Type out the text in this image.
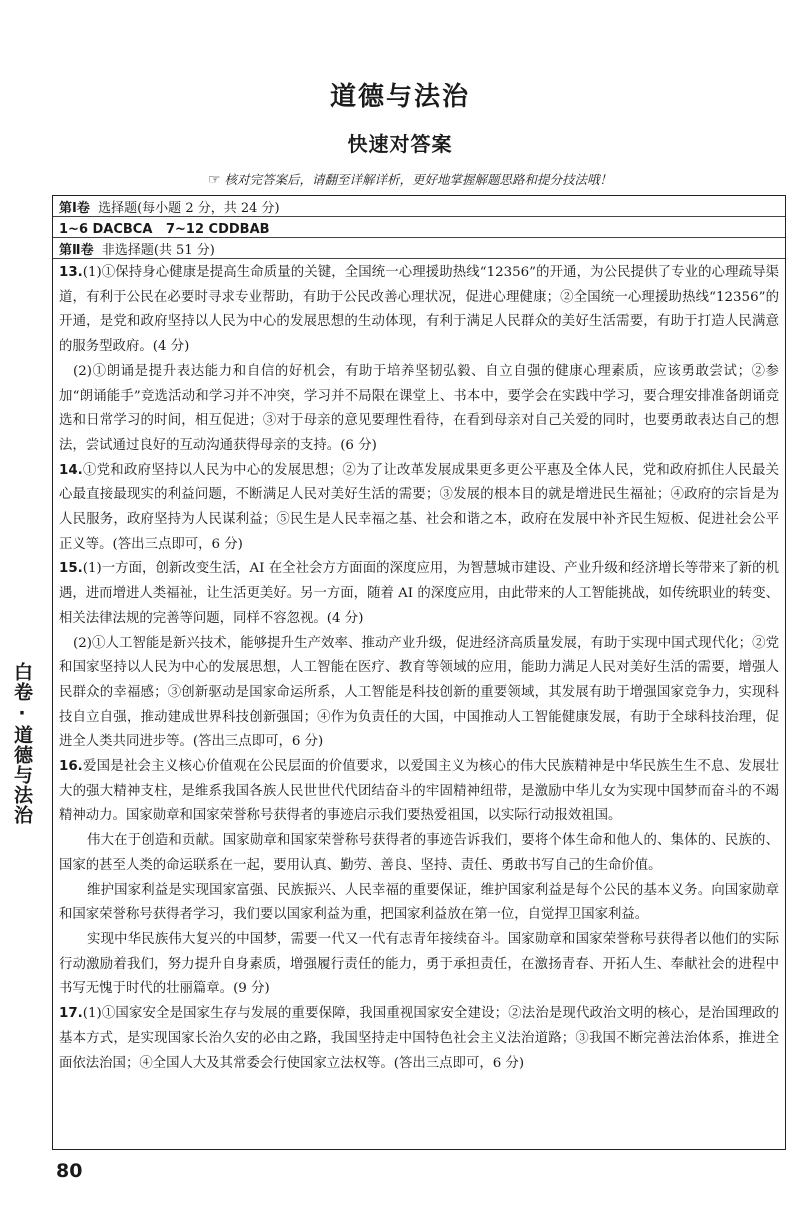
道德与法治
快速对答案
☞ 核对完答案后，请翻至详解详析，更好地掌握解题思路和提分技法哦！
第Ⅰ卷 选择题(每小题 2 分，共 24 分)
1~6 DACBCA   7~12 CDDBAB
第Ⅱ卷 非选择题(共 51 分)

13.(1)①保持身心健康是提高生命质量的关键，全国统一心理援助热线“12356”的开通，为公民提供了专业的心理疏导渠道，有利于公民在必要时寻求专业帮助，有助于公民改善心理状况，促进心理健康；②全国统一心理援助热线“12356”的开通，是党和政府坚持以人民为中心的发展思想的生动体现，有利于满足人民群众的美好生活需要，有助于打造人民满意的服务型政府。(4 分)

(2)①朗诵是提升表达能力和自信的好机会，有助于培养坚韧弘毅、自立自强的健康心理素质，应该勇敢尝试；②参加“朗诵能手”竞选活动和学习并不冲突，学习并不局限在课堂上、书本中，要学会在实践中学习，要合理安排准备朗诵竞选和日常学习的时间，相互促进；③对于母亲的意见要理性看待，在看到母亲对自己关爱的同时，也要勇敢表达自己的想法，尝试通过良好的互动沟通获得母亲的支持。(6 分)

14.①党和政府坚持以人民为中心的发展思想；②为了让改革发展成果更多更公平惠及全体人民，党和政府抓住人民最关心最直接最现实的利益问题，不断满足人民对美好生活的需要；③发展的根本目的就是增进民生福祉；④政府的宗旨是为人民服务，政府坚持为人民谋利益；⑤民生是人民幸福之基、社会和谐之本，政府在发展中补齐民生短板、促进社会公平正义等。(答出三点即可，6 分)

15.(1)一方面，创新改变生活，AI 在全社会方方面面的深度应用，为智慧城市建设、产业升级和经济增长等带来了新的机遇，进而增进人类福祉，让生活更美好。另一方面，随着 AI 的深度应用，由此带来的人工智能挑战，如传统职业的转变、相关法律法规的完善等问题，同样不容忽视。(4 分)

(2)①人工智能是新兴技术，能够提升生产效率、推动产业升级，促进经济高质量发展，有助于实现中国式现代化；②党和国家坚持以人民为中心的发展思想，人工智能在医疗、教育等领域的应用，能助力满足人民对美好生活的需要，增强人民群众的幸福感；③创新驱动是国家命运所系，人工智能是科技创新的重要领域，其发展有助于增强国家竞争力，实现科技自立自强，推动建成世界科技创新强国；④作为负责任的大国，中国推动人工智能健康发展，有助于全球科技治理，促进全人类共同进步等。(答出三点即可，6 分)

16.爱国是社会主义核心价值观在公民层面的价值要求，以爱国主义为核心的伟大民族精神是中华民族生生不息、发展壮大的强大精神支柱，是维系我国各族人民世世代代团结奋斗的牢固精神纽带，是激励中华儿女为实现中国梦而奋斗的不竭精神动力。国家勋章和国家荣誉称号获得者的事迹启示我们要热爱祖国，以实际行动报效祖国。

伟大在于创造和贡献。国家勋章和国家荣誉称号获得者的事迹告诉我们，要将个体生命和他人的、集体的、民族的、国家的甚至人类的命运联系在一起，要用认真、勤劳、善良、坚持、责任、勇敢书写自己的生命价值。

维护国家利益是实现国家富强、民族振兴、人民幸福的重要保证，维护国家利益是每个公民的基本义务。向国家勋章和国家荣誉称号获得者学习，我们要以国家利益为重，把国家利益放在第一位，自觉捍卫国家利益。

实现中华民族伟大复兴的中国梦，需要一代又一代有志青年接续奋斗。国家勋章和国家荣誉称号获得者以他们的实际行动激励着我们，努力提升自身素质，增强履行责任的能力，勇于承担责任，在激扬青春、开拓人生、奉献社会的进程中书写无愧于时代的壮丽篇章。(9 分)

17.(1)①国家安全是国家生存与发展的重要保障，我国重视国家安全建设；②法治是现代政治文明的核心，是治国理政的基本方式，是实现国家长治久安的必由之路，我国坚持走中国特色社会主义法治道路；③我国不断完善法治体系，推进全面依法治国；④全国人大及其常委会行使国家立法权等。(答出三点即可，6 分)

白卷·道德与法治
80
